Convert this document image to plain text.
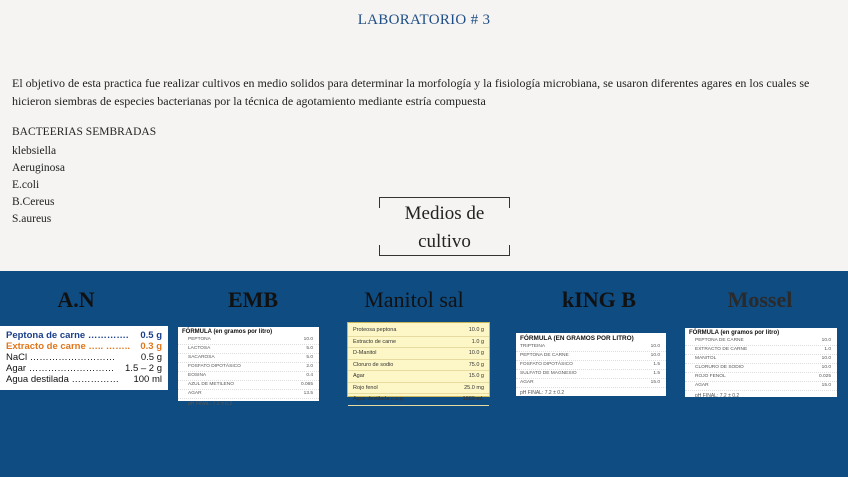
LABORATORIO # 3

El objetivo de esta practica fue realizar cultivos en medio solidos para determinar la morfología y la fisiología microbiana, se usaron diferentes agares en los cuales se hicieron siembras de especies bacterianas por la técnica de agotamiento mediante estría compuesta

BACTEERIAS SEMBRADAS
klebsiella
Aeruginosa
E.coli
B.Cereus
S.aureus	Medios de cultivo
A.N	EMB	Manitol sal	kING B	Mossel
Peptona de carne …………. 0.5 g
Extracto de carne ….. …….. 0.3 g
NaCl ………………………	0.5 g
Agar ……………………… 1.5 – 2 g
Agua destilada …………… 100 ml
FÓRMULA (en gramos por litro)
PEPTONA	10.0
LACTOSA	5.0
SACAROSA	5.0
FOSFATO DIPOTÁSICO	2.0
EOSINA	0.4
AZUL DE METILENO	0.065
AGAR	13.5
pH FINAL: 7.2 ± 0.2
Proteosa peptona	10.0 g
Extracto de carne	1.0 g
D-Manitol	10.0 g
Cloruro de sodio	75.0 g
Agar	15.0 g
Rojo fenol	25.0 mg
Agua destilada c.s.p.	1000 mL
FÓRMULA (EN GRAMOS POR LITRO)
TRIPTEINA	10.0
PEPTONA DE CARNE	10.0
FOSFATO DIPOTÁSICO	1.5
SULFATO DE MAGNESIO	1.5
AGAR	15.0
pH FINAL: 7.2 ± 0.2
FÓRMULA (en gramos por litro)
PEPTONA DE CARNE	10.0
EXTRACTO DE CARNE	1.0
MANITOL	10.0
CLORURO DE SODIO	10.0
ROJO FENOL	0.025
AGAR	15.0
pH FINAL: 7.2 ± 0.2
